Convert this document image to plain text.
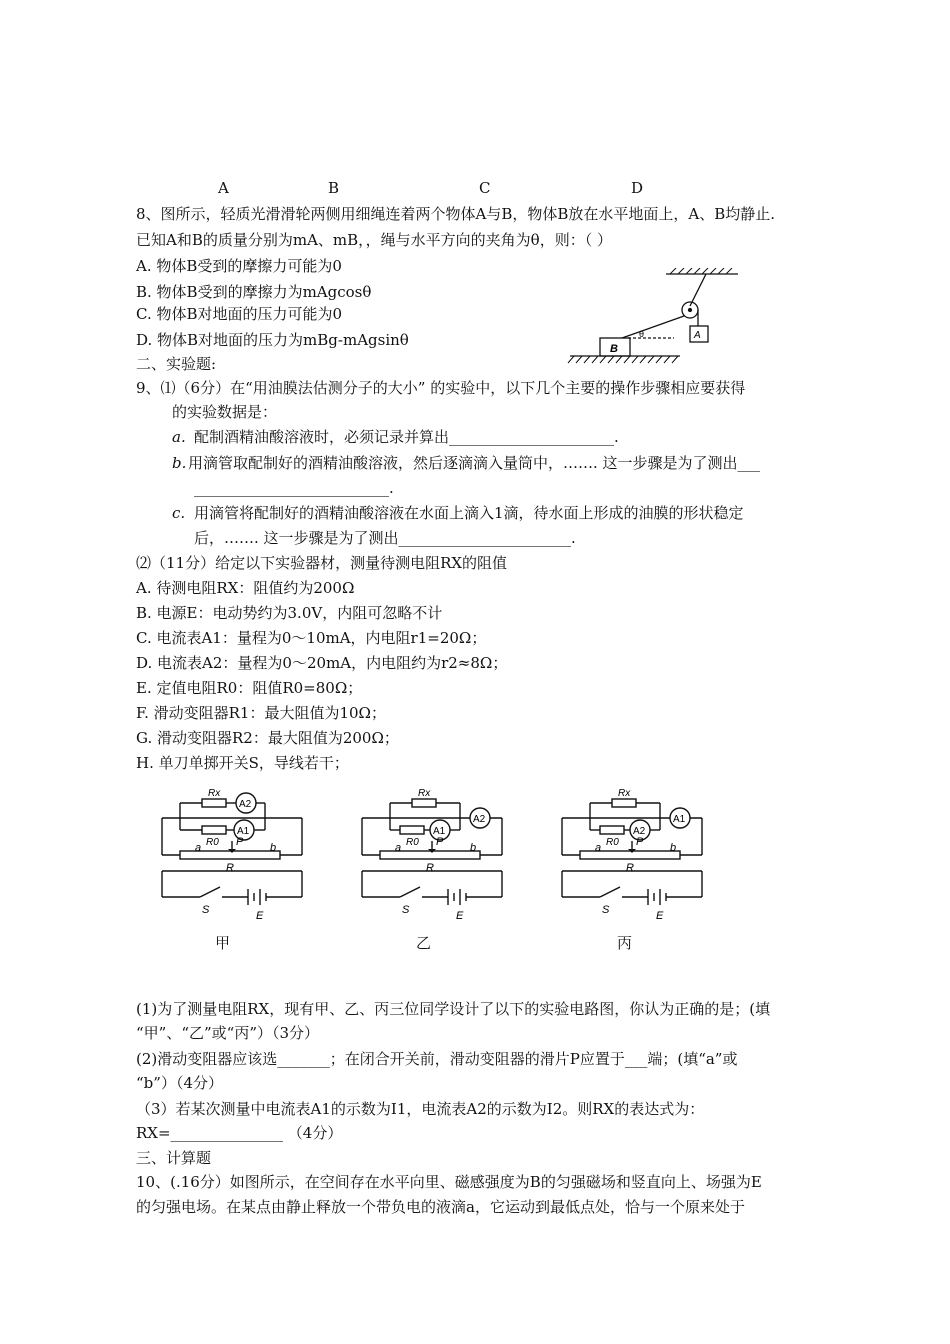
A	B	C	D
8、图所示，轻质光滑滑轮两侧用细绳连着两个物体A与B，物体B放在水平地面上，A、B均静止.
已知A和B的质量分别为mA、mB，，绳与水平方向的夹角为θ，则：（ ）
A. 物体B受到的摩擦力可能为0
B. 物体B受到的摩擦力为mAgcosθ
C. 物体B对地面的压力可能为0
D. 物体B对地面的压力为mBg-mAgsinθ	A
B
θ
二、实验题:
9、⑴（6分）在“用油膜法估测分子的大小” 的实验中，以下几个主要的操作步骤相应要获得
的实验数据是：
a. 配制酒精油酸溶液时，必须记录并算出______________________.
b. 用滴管取配制好的酒精油酸溶液，然后逐滴滴入量筒中，……. 这一步骤是为了测出___
__________________________.
c. 用滴管将配制好的酒精油酸溶液在水面上滴入1滴，待水面上形成的油膜的形状稳定
后，……. 这一步骤是为了测出_______________________.
⑵（11分）给定以下实验器材，测量待测电阻RX的阻值
A. 待测电阻RX：阻值约为200Ω
B. 电源E：电动势约为3.0V，内阻可忽略不计
C. 电流表A1：量程为0～10mA，内电阻r1=20Ω；
D. 电流表A2：量程为0～20mA，内电阻约为r2≈8Ω；
E. 定值电阻R0：阻值R0=80Ω；
F. 滑动变阻器R1：最大阻值为10Ω；
G. 滑动变阻器R2：最大阻值为200Ω；
H. 单刀单掷开关S，导线若干；
Rx
A2
A1
R0
a	b
P
R
S	E
Rx
A2
A1
R0
a	b
P
R
S	E
Rx
A1
A2
R0
a	b
P
R
S	E
甲	乙	丙
(1)为了测量电阻RX，现有甲、乙、丙三位同学设计了以下的实验电路图，你认为正确的是；(填
“甲”、“乙”或“丙”）（3分）
(2)滑动变阻器应该选_______；在闭合开关前，滑动变阻器的滑片P应置于___端；(填“a”或
“b”）（4分）
（3）若某次测量中电流表A1的示数为I1，电流表A2的示数为I2。则RX的表达式为：
RX=_______________ （4分）
三、计算题
10、(.16分）如图所示，在空间存在水平向里、磁感强度为B的匀强磁场和竖直向上、场强为E
的匀强电场。在某点由静止释放一个带负电的液滴a，它运动到最低点处，恰与一个原来处于
